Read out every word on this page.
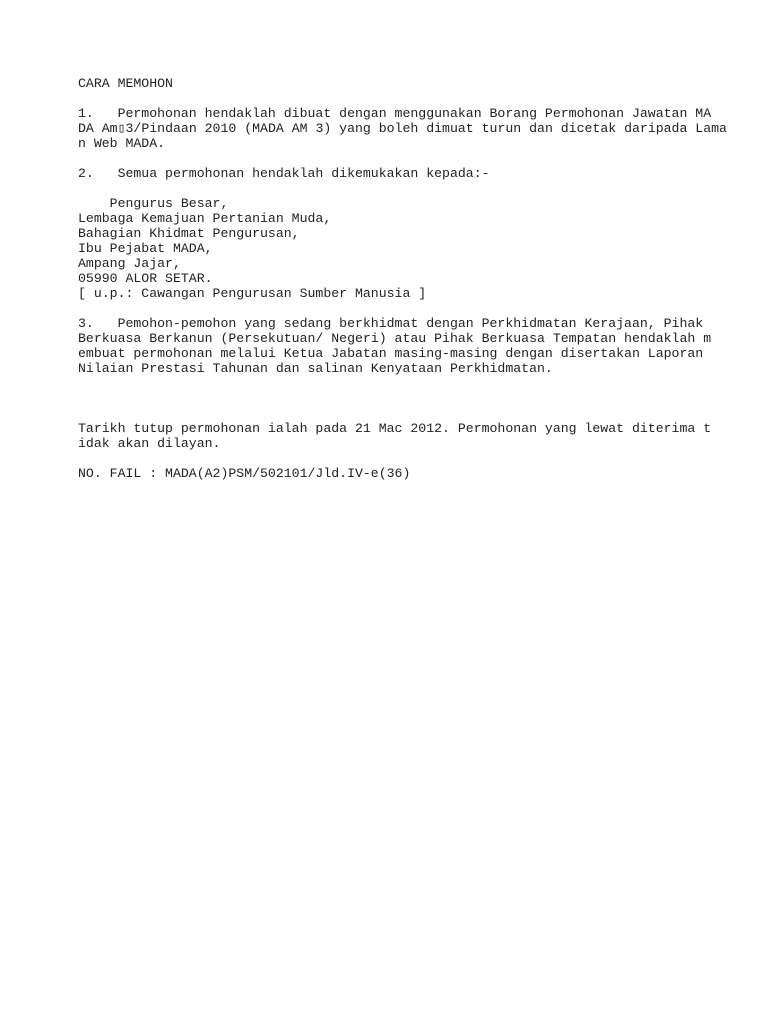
CARA MEMOHON
1.   Permohonan hendaklah dibuat dengan menggunakan Borang Permohonan Jawatan MA
DA Am▯3/Pindaan 2010 (MADA AM 3) yang boleh dimuat turun dan dicetak daripada Lama
n Web MADA.
2.   Semua permohonan hendaklah dikemukakan kepada:-
Pengurus Besar,
Lembaga Kemajuan Pertanian Muda,
Bahagian Khidmat Pengurusan,
Ibu Pejabat MADA,
Ampang Jajar,
05990 ALOR SETAR.
[ u.p.: Cawangan Pengurusan Sumber Manusia ]
3.   Pemohon-pemohon yang sedang berkhidmat dengan Perkhidmatan Kerajaan, Pihak
Berkuasa Berkanun (Persekutuan/ Negeri) atau Pihak Berkuasa Tempatan hendaklah m
embuat permohonan melalui Ketua Jabatan masing-masing dengan disertakan Laporan
Nilaian Prestasi Tahunan dan salinan Kenyataan Perkhidmatan.
Tarikh tutup permohonan ialah pada 21 Mac 2012. Permohonan yang lewat diterima t
idak akan dilayan.
NO. FAIL : MADA(A2)PSM/502101/Jld.IV-e(36)
